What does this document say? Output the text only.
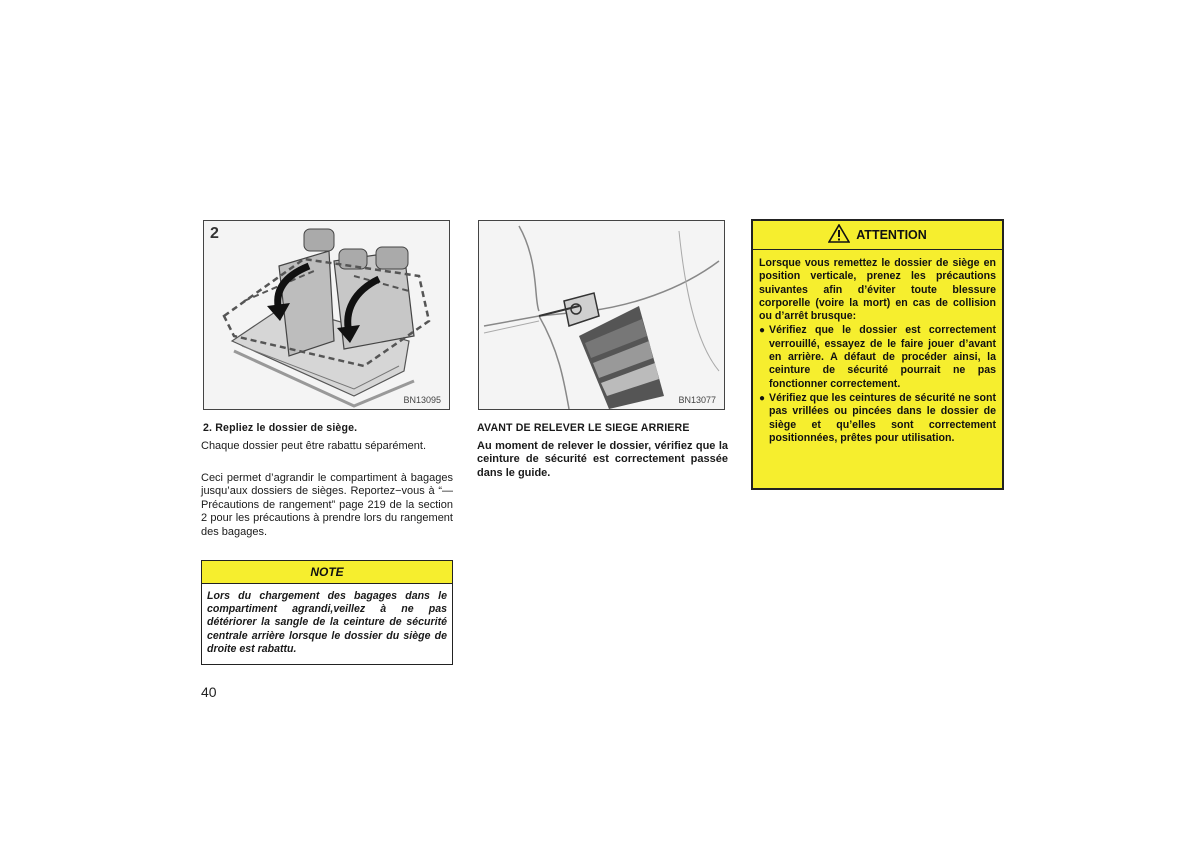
2
BN13095	BN13077
2. Repliez le dossier de siège.
Chaque dossier peut être rabattu séparément.
Ceci permet d’agrandir le compartiment à bagages jusqu’aux dossiers de sièges. Reportez−vous à “—Précautions de rangement” page 219 de la section 2 pour les précautions à prendre lors du rangement des bagages.
NOTE
Lors du chargement des bagages dans le compartiment agrandi,veillez à ne pas détériorer la sangle de la ceinture de sécurité centrale arrière lorsque le dossier du siège de droite est rabattu.
40
AVANT DE RELEVER LE SIEGE ARRIERE
Au moment de relever le dossier, vérifiez que la ceinture de sécurité est correctement passée dans le guide.
ATTENTION
Lorsque vous remettez le dossier de siège en position verticale, prenez les précautions suivantes afin d’éviter toute blessure corporelle (voire la mort) en cas de collision ou d’arrêt brusque:
● Vérifiez que le dossier est correctement verrouillé, essayez de le faire jouer d’avant en arrière. A défaut de procéder ainsi, la ceinture de sécurité pourrait ne pas fonctionner correctement.
● Vérifiez que les ceintures de sécurité ne sont pas vrillées ou pincées dans le dossier de siège et qu’elles sont correctement positionnées, prêtes pour utilisation.
